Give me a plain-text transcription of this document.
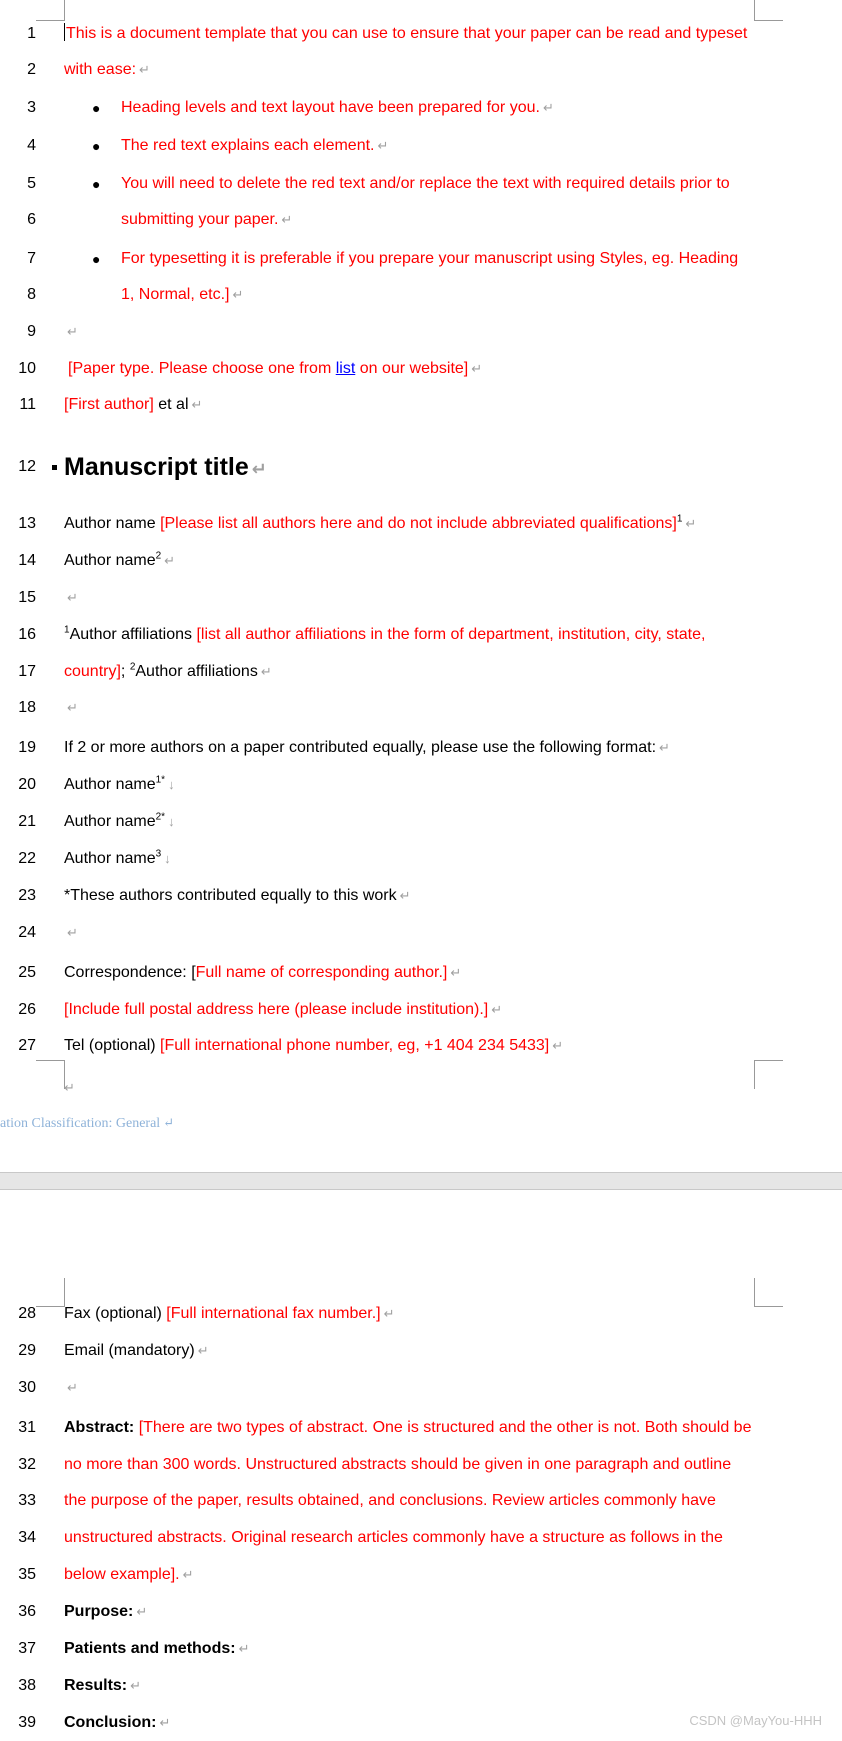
1 This is a document template that you can use to ensure that your paper can be read and typeset
2 with ease: ↵
3	● Heading levels and text layout have been prepared for you. ↵
4	● The red text explains each element. ↵
5	● You will need to delete the red text and/or replace the text with required details prior to
6	submitting your paper. ↵
7	● For typesetting it is preferable if you prepare your manuscript using Styles, eg. Heading
8	1, Normal, etc.] ↵
9 ↵
10 [Paper type. Please choose one from list on our website] ↵
11 [First author] et al ↵
12 Manuscript title ↵
13 Author name [Please list all authors here and do not include abbreviated qualifications]$^1$ ↵
14 Author name$^2$ ↵
15 ↵
16	$^1$Author affiliations [list all author affiliations in the form of department, institution, city, state,
17 country]; $^2$Author affiliations ↵
18 ↵
19 If 2 or more authors on a paper contributed equally, please use the following format: ↵
20 Author name$^{1*}$ ↓
21 Author name$^{2*}$ ↓
22 Author name$^3$ ↓
23 *These authors contributed equally to this work ↵
24 ↵
25 Correspondence: [Full name of corresponding author.] ↵
26 [Include full postal address here (please include institution).] ↵
27 Tel (optional) [Full international phone number, eg, +1 404 234 5433] ↵
↵
ation Classification: General ↵
28 Fax (optional) [Full international fax number.] ↵
29 Email (mandatory) ↵
30 ↵
31 Abstract: [There are two types of abstract. One is structured and the other is not. Both should be
32 no more than 300 words. Unstructured abstracts should be given in one paragraph and outline
33 the purpose of the paper, results obtained, and conclusions. Review articles commonly have
34 unstructured abstracts. Original research articles commonly have a structure as follows in the
35 below example]. ↵
36 Purpose: ↵
37 Patients and methods: ↵
38 Results: ↵
39 Conclusion: ↵	CSDN @MayYou-HHH
